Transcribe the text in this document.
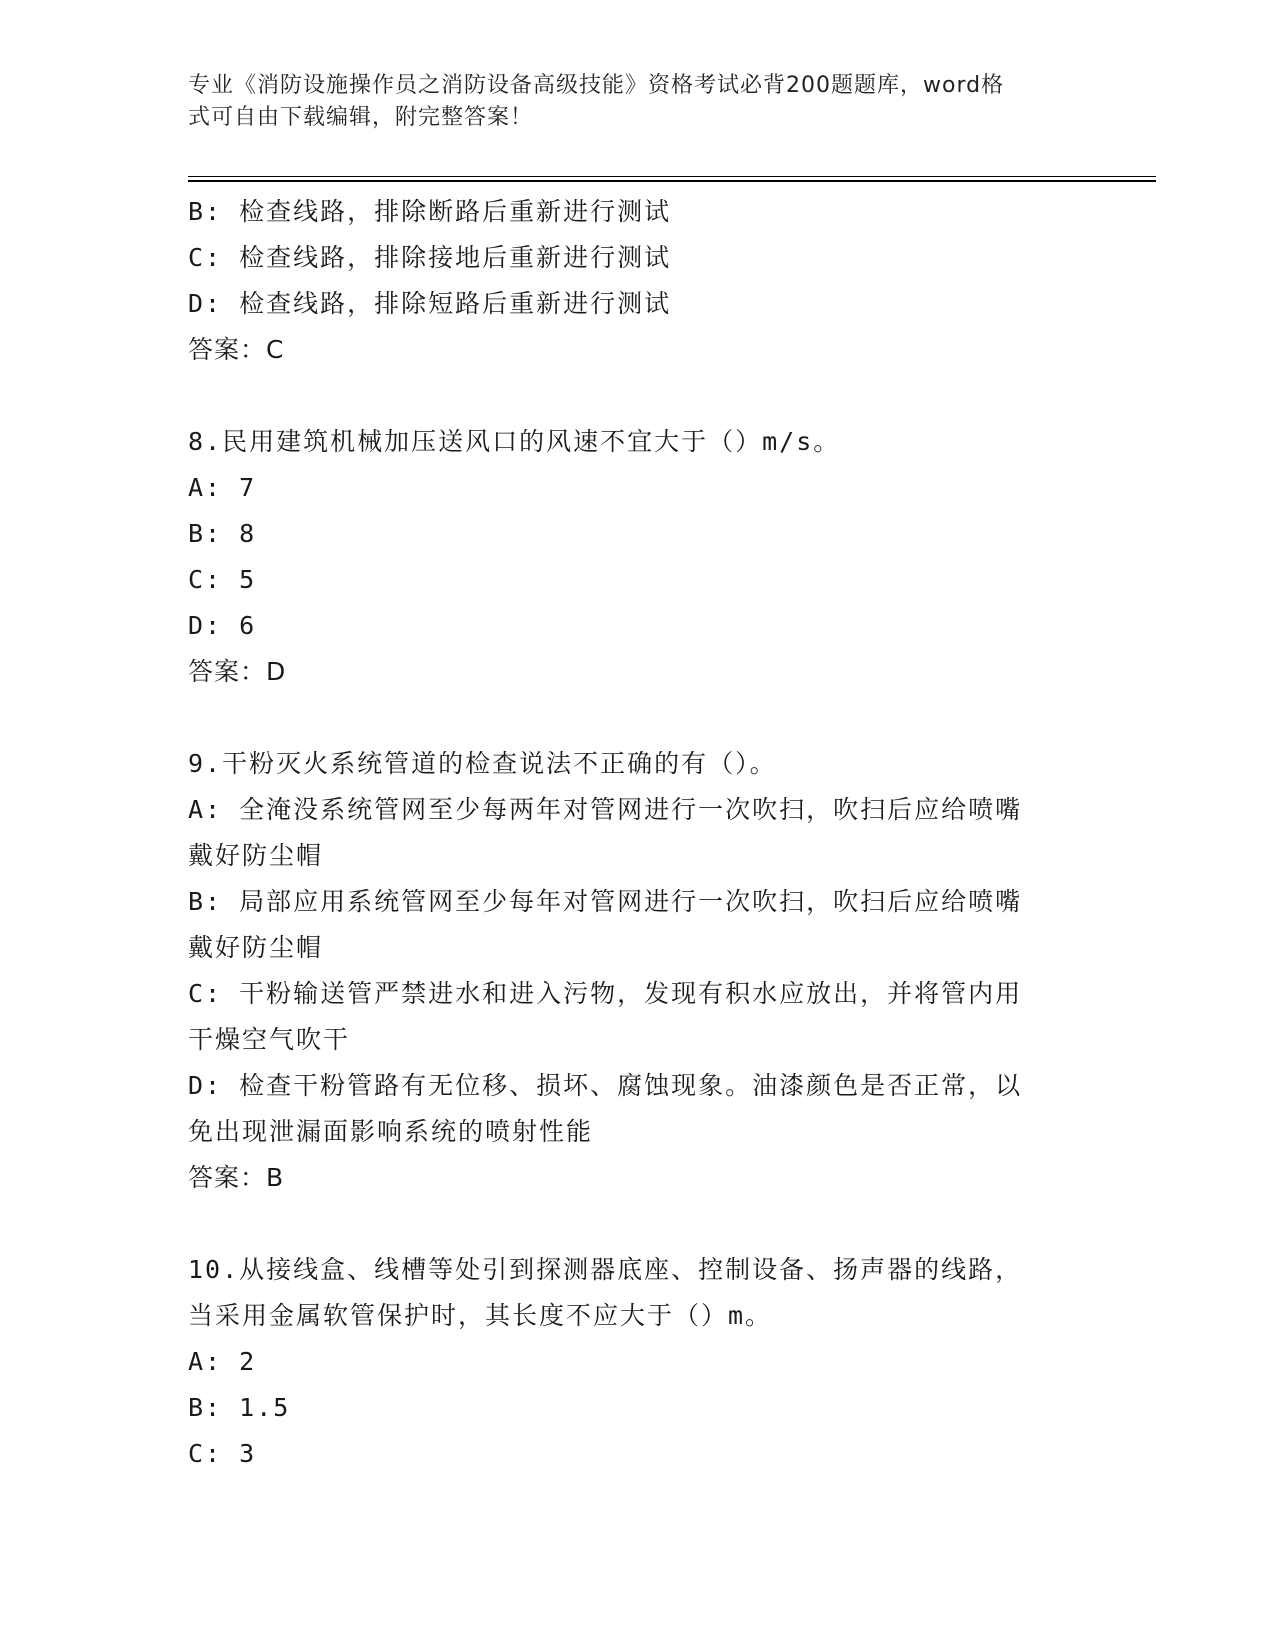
专业《消防设施操作员之消防设备高级技能》资格考试必背200题题库，word格
式可自由下载编辑，附完整答案！
B: 检查线路，排除断路后重新进行测试
C: 检查线路，排除接地后重新进行测试
D: 检查线路，排除短路后重新进行测试
答案：C
8.民用建筑机械加压送风口的风速不宜大于（）m/s。
A: 7
B: 8
C: 5
D: 6
答案：D
9.干粉灭火系统管道的检查说法不正确的有（）。
A: 全淹没系统管网至少每两年对管网进行一次吹扫，吹扫后应给喷嘴
戴好防尘帽
B: 局部应用系统管网至少每年对管网进行一次吹扫，吹扫后应给喷嘴
戴好防尘帽
C: 干粉输送管严禁进水和进入污物，发现有积水应放出，并将管内用
干燥空气吹干
D: 检查干粉管路有无位移、损坏、腐蚀现象。油漆颜色是否正常，以
免出现泄漏面影响系统的喷射性能
答案：B
10.从接线盒、线槽等处引到探测器底座、控制设备、扬声器的线路，
当采用金属软管保护时，其长度不应大于（）m。
A: 2
B: 1.5
C: 3
